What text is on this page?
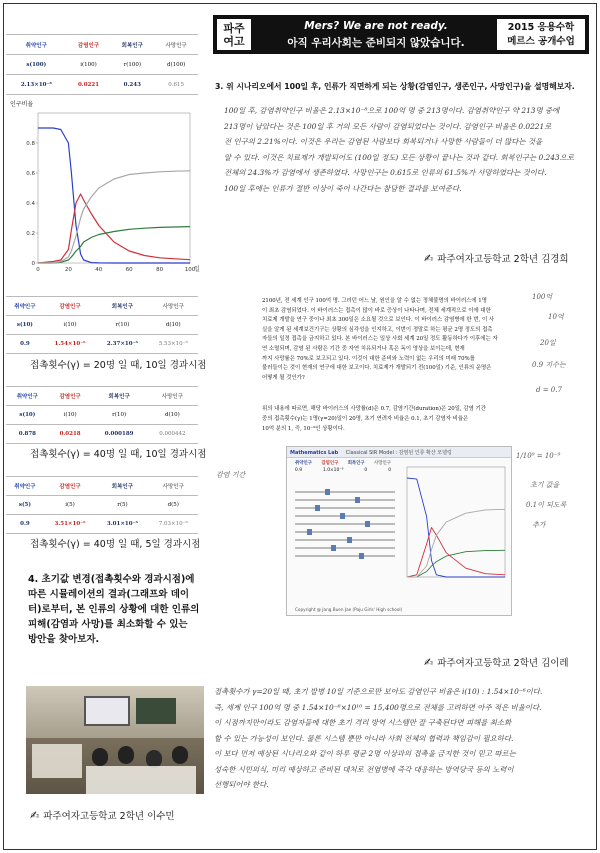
파주
여고
Mers? We are not ready.
아직 우리사회는 준비되지 않았습니다.
2015 응용수학
메르스 공개수업
취약인구	감염인구	회복인구	사망인구
s(100)	i(100)	r(100)	d(100)
2.13×10⁻⁸	0.0221	0.243	0.615
인구비율
0	20	40	60	80	100
0
0.2
0.4
0.6
0.8
일
취약인구	감염인구	회복인구	사망인구
s(10)	i(10)	r(10)	d(10)
0.9	1.54×10⁻⁶	2.37×10⁻⁶	5.53×10⁻⁶
접촉횟수(γ) = 20명 일 때, 10일 경과시점
취약인구	감염인구	회복인구	사망인구
s(10)	i(10)	r(10)	d(10)
0.878	0.0218	0.000189	0.000442
접촉횟수(γ) = 40명 일 때, 10일 경과시점
취약인구	감염인구	회복인구	사망인구
s(5)	i(5)	r(5)	d(5)
0.9	3.51×10⁻⁶	3.01×10⁻⁶	7.03×10⁻⁶
접촉횟수(γ) = 40명 일 때, 5일 경과시점
4. 초기값 변경(접촉횟수와 경과시점)에 따른 시뮬레이션의 결과(그래프와 데이터)로부터, 본 인류의 상황에 대한 인류의 피해(감염과 사망)를 최소화할 수 있는 방안을 찾아보자.
✍ 파주여자고등학교 2학년 이수민
3. 위 시나리오에서 100일 후, 인류가 직면하게 되는 상황(감염인구, 생존인구, 사망인구)을 설명해보자.
100일 후, 감염취약인구 비율은 2.13×10⁻⁸으로 100억 명 중 213명이다. 감염취약인구 약 213명 중에
213명이 남았다는 것은 100일 후 거의 모든 사람이 감염되었다는 것이다. 감염인구 비율은 0.0221로
전 인구의 2.21%이다. 이것은 우리는 감염된 사람보다 회복되거나 사망한 사람들이 더 많다는 것을
알 수 있다. 이것은 치료제가 개발되어도 (100일 정도) 모든 상황이 끝나는 것과 같다. 회복인구는 0.243으로
전체의 24.3%가 감염에서 생존하였다. 사망인구는 0.615로 인류의 61.5%가 사망하였다는 것이다.
100일 후에는 인류가 절반 이상이 죽어 나간다는 참담한 결과를 보여준다.
✍ 파주여자고등학교 2학년 김경희
2100년, 전 세계 인구 100억 명. 그러던 어느 날, 원인을 알 수 없는 정체불명의 바이러스에 1명
이 최초 감염되었다. 이 바이러스는 접촉이 많이 바로 증상이 나타나며, 전체 세계적으로 이에 대한
치료제 개발을 연구 중이나 최초 300일은 소요될 것으로 보인다. 이 바이러스 감염병에 한 번, 이 사
실을 알게 된 세계보건기구는 상황의 심각성을 인지하고, 이번이 정말로 하는 평균 2명 정도의 접촉
자들의 일정 접촉을 금지하고 있다. 본 바이러스는 일상 사회 세계 20일 정도 활동하다가 이후에는 자
연 소멸되며, 감염 된 사람은 기간 중 자연 치유되거나 혹은 독이 영상을 보이는데, 현재
까지 사망률은 70%로 보고되고 있다. 이것이 대한 준비와 노력이 없는 우리의 미래 70%를
불러들이는 것이 현재의 연구에 대한 보고이다. 치료제가 개발되기 전(100일) 기준, 인류의 운명은
어떻게 될 것인가?
위의 내용에 따르면, 해당 바이러스의 사망률(d)은 0.7, 감염기간(duration)은 20일, 감염 기간
중의 접촉횟수(γ)는 1명(γ=20)일이 20명, 초기 연려자 비율은 0.1, 초기 감염자 비율은
10억 분의 1, 즉, 10⁻⁹인 상황이다.
100억
10억
20일
0.9 지수는
d = 0.7
1/10⁹ = 10⁻⁹
초기 값을
0.1이 되도록
추가
감염 기간
Mathematics Lab Classical SIR Model : 감염된 인류 확산 모델링
취약인구 감염인구 회복인구 사망인구
0.9	1.0×10⁻⁹	0	0
Copyright @ Jang Buen Jae (Paju Girls' High school)
✍ 파주여자고등학교 2학년 김이레
접촉횟수가 γ=20일 때, 초기 발병 10일 기준으로만 보아도 감염인구 비율은 i(10) : 1.54×10⁻⁶이다.
즉, 세계 인구 100억 명 중 1.54×10⁻⁶×10¹⁰ = 15,400명으로 전체를 고려하면 아주 적은 비율이다.
이 시점까지만이라도 감염자들에 대한 초기 격리 방역 시스템만 잘 구축된다면 피해를 최소화
할 수 있는 가능성이 보인다. 물론 시스템 뿐만 아니라 사회 전체의 협력과 책임감이 필요하다.
이 보다 먼저 예상된 시나리오와 같이 하루 평균 2명 이상과의 접촉을 금지한 것이 믿고 따르는
성숙한 시민의식, 미리 예상하고 준비된 대처로 전염병에 즉각 대응하는 방역당국 등의 노력이
선행되어야 한다.
